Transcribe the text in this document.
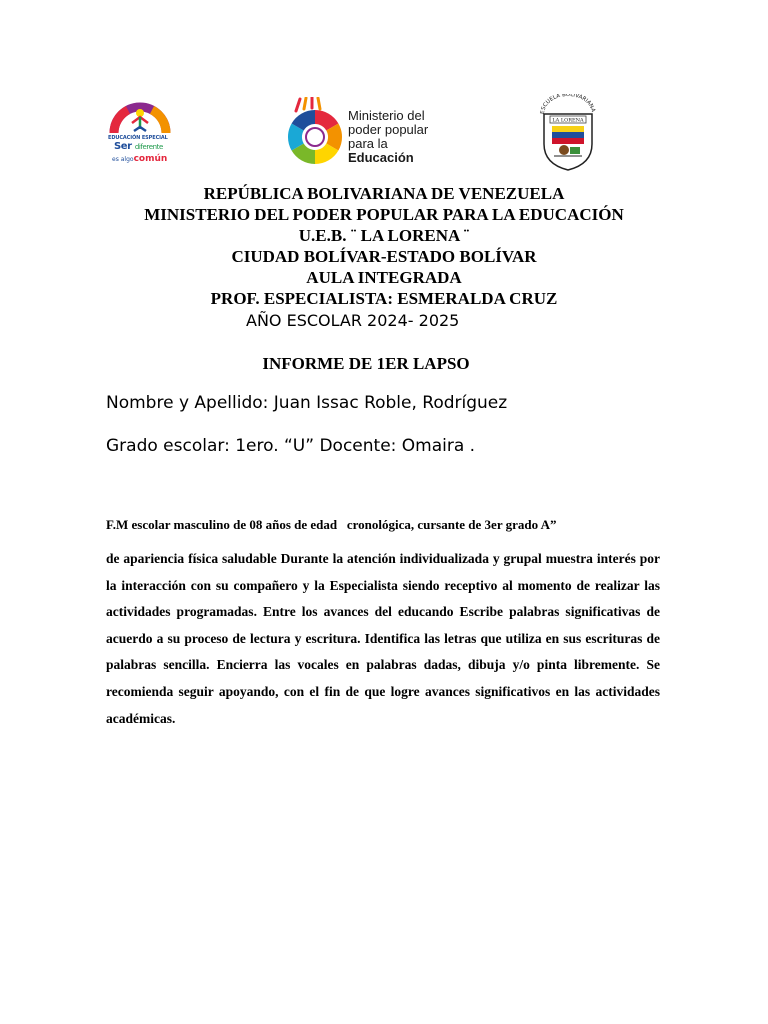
EDUCACIÓN ESPECIAL
Ser diferente
es algocomún
Ministerio del
poder popular
para la
Educación
ESCUELA BOLIVARIANA
LA LORENA
REPÚBLICA BOLIVARIANA DE VENEZUELA
MINISTERIO DEL PODER POPULAR PARA LA EDUCACIÓN
U.E.B. ¨ LA LORENA ¨
CIUDAD BOLÍVAR-ESTADO BOLÍVAR
AULA INTEGRADA
PROF. ESPECIALISTA: ESMERALDA CRUZ
AÑO ESCOLAR 2024- 2025
INFORME DE 1ER LAPSO
Nombre y Apellido: Juan Issac Roble, Rodríguez
Grado escolar: 1ero. “U” Docente: Omaira .
F.M escolar masculino de 08 años de edad   cronológica, cursante de 3er grado A”

de apariencia física saludable Durante la atención individualizada y grupal muestra interés por la interacción con su compañero y la Especialista siendo receptivo al momento de realizar las actividades programadas. Entre los avances del educando Escribe palabras significativas de acuerdo a su proceso de lectura y escritura. Identifica las letras que utiliza en sus escrituras de palabras sencilla. Encierra las vocales en palabras dadas, dibuja y/o pinta libremente. Se recomienda seguir apoyando, con el fin de que logre avances significativos en las actividades académicas.
